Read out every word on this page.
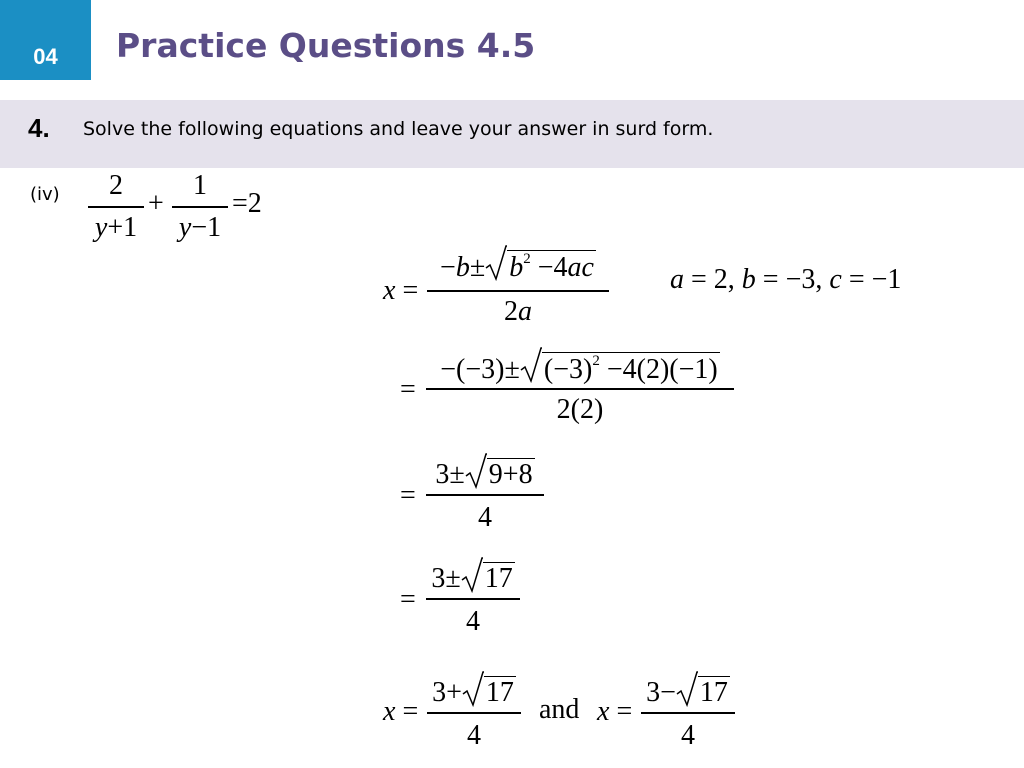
04 Practice Questions 4.5
4. Solve the following equations and leave your answer in surd form.
(iv)	2
y+1
+
1
y−1
=2
x =
$-b\pm b^2 -4ac$
2a
a = 2, b = −3, c = −1
=
$-(-3)\pm (-3)^2 -4(2)(-1)$
2(2)
=
3± 9+8
4
=
3± 17
4
x =
3+ 17
4
and x =
3− 17
4
